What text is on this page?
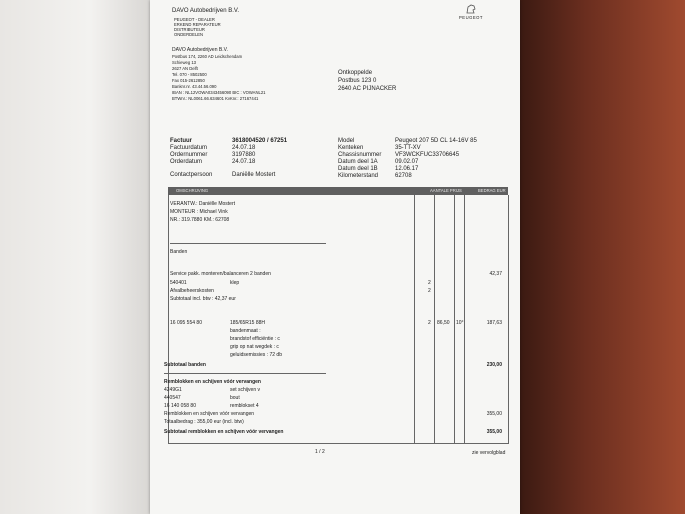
DAVO Autobedrijven B.V.
PEUGEOT
PEUGEOT - DEALER
ERKEND REPARATEUR
DISTRIBUTEUR
ONDERDELEN
DAVO Autobedrijven B.V.
Postbus 174, 2260 AD Leidschendam
Schieweg 13
2627 AN Delft
Tel. 070 - 8502500
Fax 015-2612850
Banknr.nr. 43.44.56.090
IBAN : NL12VOWA0343456090 BIC : VOWANL21
BTWnr.: NL0061.66.634601 KvKnr.: 27167441
Ontkoppelde
Postbus 123 0
2640 AC PIJNACKER
Factuur	3618004520 / 67251
Factuurdatum	24.07.18
Ordernummer	3197880
Orderdatum	24.07.18
Contactpersoon	Daniëlle Mostert
Model	Peugeot 207 5D CL 14-16V 85
Kenteken	35-TT-XV
Chassisnummer VF3WCKFUC33706645
Datum deel 1A	09.02.07
Datum deel 1B	12.06.17
Kilometerstand	62708
OMSCHRIJVING	AANTALE PRIJS	BEDRAG EUR
VERANTW.: Daniëlle Mostert
MONTEUR : Michael Vink
NR.: 319.7880 KM.: 62708
Banden
Service pakk. monteren/balanceren 2 banden	42,37
540401	klep	2
Afvalbeheerskosten	2
Subtotaal incl. btw : 42,37 eur
16 095 554 80	185/65R15 88H	2 86,50 10°	187,63
bandenmaat :
brandstof efficiëntie : c
grip op nat wegdek : c
geluidsemissies : 72 db
Subtotaal banden	230,00
Remblokken en schijven vóór vervangen
4249G1	set schijven v
440547	bout
16 140 058 80	remblokset 4
Remblokken en schijven vóór vervangen	355,00
Totaalbedrag : 355,00 eur (incl. btw)
Subtotaal remblokken en schijven vóór vervangen	355,00
1 / 2	zie vervolgblad
